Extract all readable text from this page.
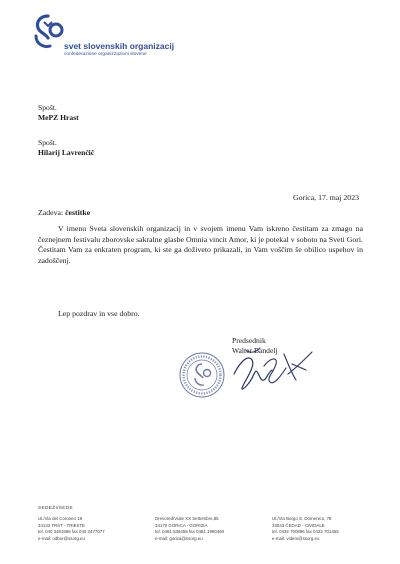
svet slovenskih organizacij
confederazione organizzazioni slovene
Spošt.
MePZ Hrast
Spošt.
Hilarij Lavrenčič
Gorica, 17. maj 2023
Zadeva: čestitke

V imenu Sveta slovenskih organizacij in v svojem imenu Vam iskreno čestitam za zmago na čeznejnem festivalu zborovske sakralne glasbe Omnia vincit Amor, ki je potekal v soboto na Sveti Gori. Čestitam Vam za enkraten program, ki ste ga doživeto prikazali, in Vam voščim še obilico uspehov in zadoščenj.

Lep pozdrav in vse dobro.
Predsednik
Walter Bandelj
SEDEŽI/SEDE
Ul./Via del Coroneo 19
34133 TRST - TRIESTE
tel. 040 3481586 fax 040 3477077
e-mail: odbor@ssorg.eu
Drevored/Viale XX Settembre,85
34170 GORICA - GORIZIA
tel. 0481 536455 fax 0481 1990460
e-mail: gorica@ssorg.eu
Ul./Via Borgo S. Domenico, 78
33043 ČEDAD - CIVIDALE
tel. 0432 700896 fax 0432 701455
e-mail: videm@ssorg.eu
